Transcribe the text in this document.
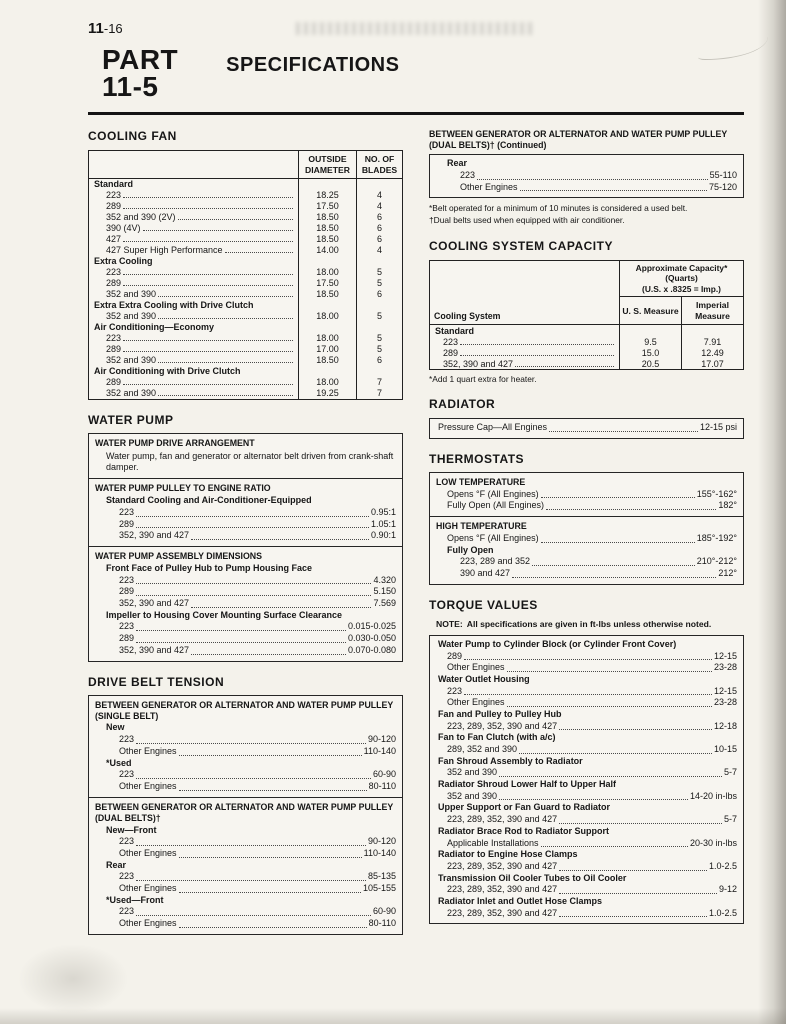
11-16
PART
11-5
SPECIFICATIONS
COOLING FAN
	OUTSIDE DIAMETER	NO. OF BLADES
Standard		

223	18.25	4

289	17.50	4

352 and 390 (2V)	18.50	6

390 (4V)	18.50	6

427	18.50	6

427 Super High Performance	14.00	4
Extra Cooling		

223	18.00	5

289	17.50	5

352 and 390	18.50	6
Extra Extra Cooling with Drive Clutch		

352 and 390	18.00	5
Air Conditioning—Economy		

223	18.00	5

289	17.00	5

352 and 390	18.50	6
Air Conditioning with Drive Clutch		

289	18.00	7

352 and 390	19.25	7
WATER PUMP
WATER PUMP DRIVE ARRANGEMENT
Water pump, fan and generator or alternator belt driven from crank-shaft damper.
WATER PUMP PULLEY TO ENGINE RATIO
Standard Cooling and Air-Conditioner-Equipped
223	0.95:1
289	1.05:1
352, 390 and 427	0.90:1
WATER PUMP ASSEMBLY DIMENSIONS
Front Face of Pulley Hub to Pump Housing Face
223	4.320
289	5.150
352, 390 and 427	7.569
Impeller to Housing Cover Mounting Surface Clearance
223	0.015-0.025
289	0.030-0.050
352, 390 and 427	0.070-0.080
DRIVE BELT TENSION
BETWEEN GENERATOR OR ALTERNATOR AND WATER PUMP PULLEY (SINGLE BELT)
New
223	90-120
Other Engines	110-140
*Used
223	60-90
Other Engines	80-110
BETWEEN GENERATOR OR ALTERNATOR AND WATER PUMP PULLEY (DUAL BELTS)†
New—Front
223	90-120
Other Engines	110-140
Rear
223	85-135
Other Engines	105-155
*Used—Front
223	60-90
Other Engines	80-110
BETWEEN GENERATOR OR ALTERNATOR AND WATER PUMP PULLEY (DUAL BELTS)† (Continued)
Rear
223	55-110
Other Engines	75-120
*Belt operated for a minimum of 10 minutes is considered a used belt.
†Dual belts used when equipped with air conditioner.
COOLING SYSTEM CAPACITY
Cooling System	Approximate Capacity*
(Quarts)
(U.S. x .8325 = Imp.)	

	U. S. Measure	Imperial Measure
Standard		

223	9.5	7.91

289	15.0	12.49

352, 390 and 427	20.5	17.07
*Add 1 quart extra for heater.
RADIATOR
Pressure Cap—All Engines	12-15 psi
THERMOSTATS
LOW TEMPERATURE
Opens °F (All Engines)	155°-162°
Fully Open (All Engines)	182°
HIGH TEMPERATURE
Opens °F (All Engines)	185°-192°
Fully Open
223, 289 and 352	210°-212°
390 and 427	212°
TORQUE VALUES
NOTE: All specifications are given in ft-lbs unless otherwise noted.
Water Pump to Cylinder Block (or Cylinder Front Cover)
289	12-15
Other Engines	23-28
Water Outlet Housing
223	12-15
Other Engines	23-28
Fan and Pulley to Pulley Hub
223, 289, 352, 390 and 427	12-18
Fan to Fan Clutch (with a/c)
289, 352 and 390	10-15
Fan Shroud Assembly to Radiator
352 and 390	5-7
Radiator Shroud Lower Half to Upper Half
352 and 390	14-20 in-lbs
Upper Support or Fan Guard to Radiator
223, 289, 352, 390 and 427	5-7
Radiator Brace Rod to Radiator Support
Applicable Installations	20-30 in-lbs
Radiator to Engine Hose Clamps
223, 289, 352, 390 and 427	1.0-2.5
Transmission Oil Cooler Tubes to Oil Cooler
223, 289, 352, 390 and 427	9-12
Radiator Inlet and Outlet Hose Clamps
223, 289, 352, 390 and 427	1.0-2.5
